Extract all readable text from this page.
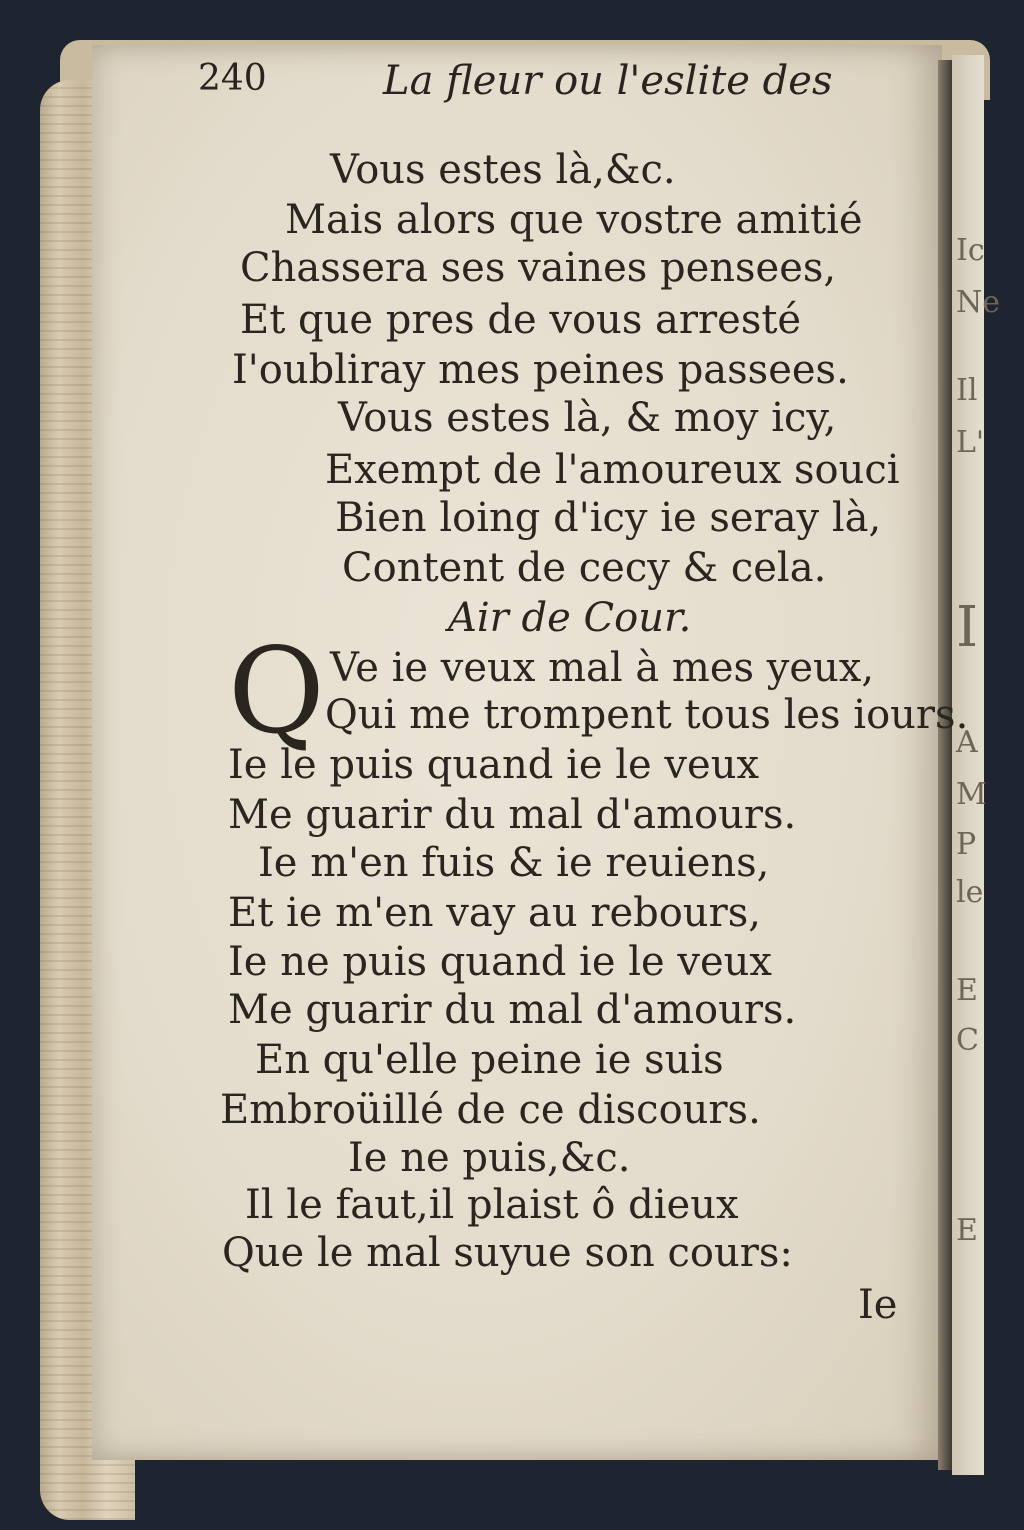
Ic
Ne
Il
L'
I
A
M
P
le
E
C
E
240	La fleur ou l'eslite des
Vous estes là,&c.
Mais alors que vostre amitié
Chassera ses vaines pensees,
Et que pres de vous arresté
I'oubliray mes peines passees.
Vous estes là, & moy icy,
Exempt de l'amoureux souci
Bien loing d'icy ie seray là,
Content de cecy & cela.
Air de Cour.
Q Ve ie veux mal à mes yeux,
Qui me trompent tous les iours.
Ie le puis quand ie le veux
Me guarir du mal d'amours.
Ie m'en fuis & ie reuiens,
Et ie m'en vay au rebours,
Ie ne puis quand ie le veux
Me guarir du mal d'amours.
En qu'elle peine ie suis
Embroüillé de ce discours.
Ie ne puis,&c.
Il le faut,il plaist ô dieux
Que le mal suyue son cours:
Ie
